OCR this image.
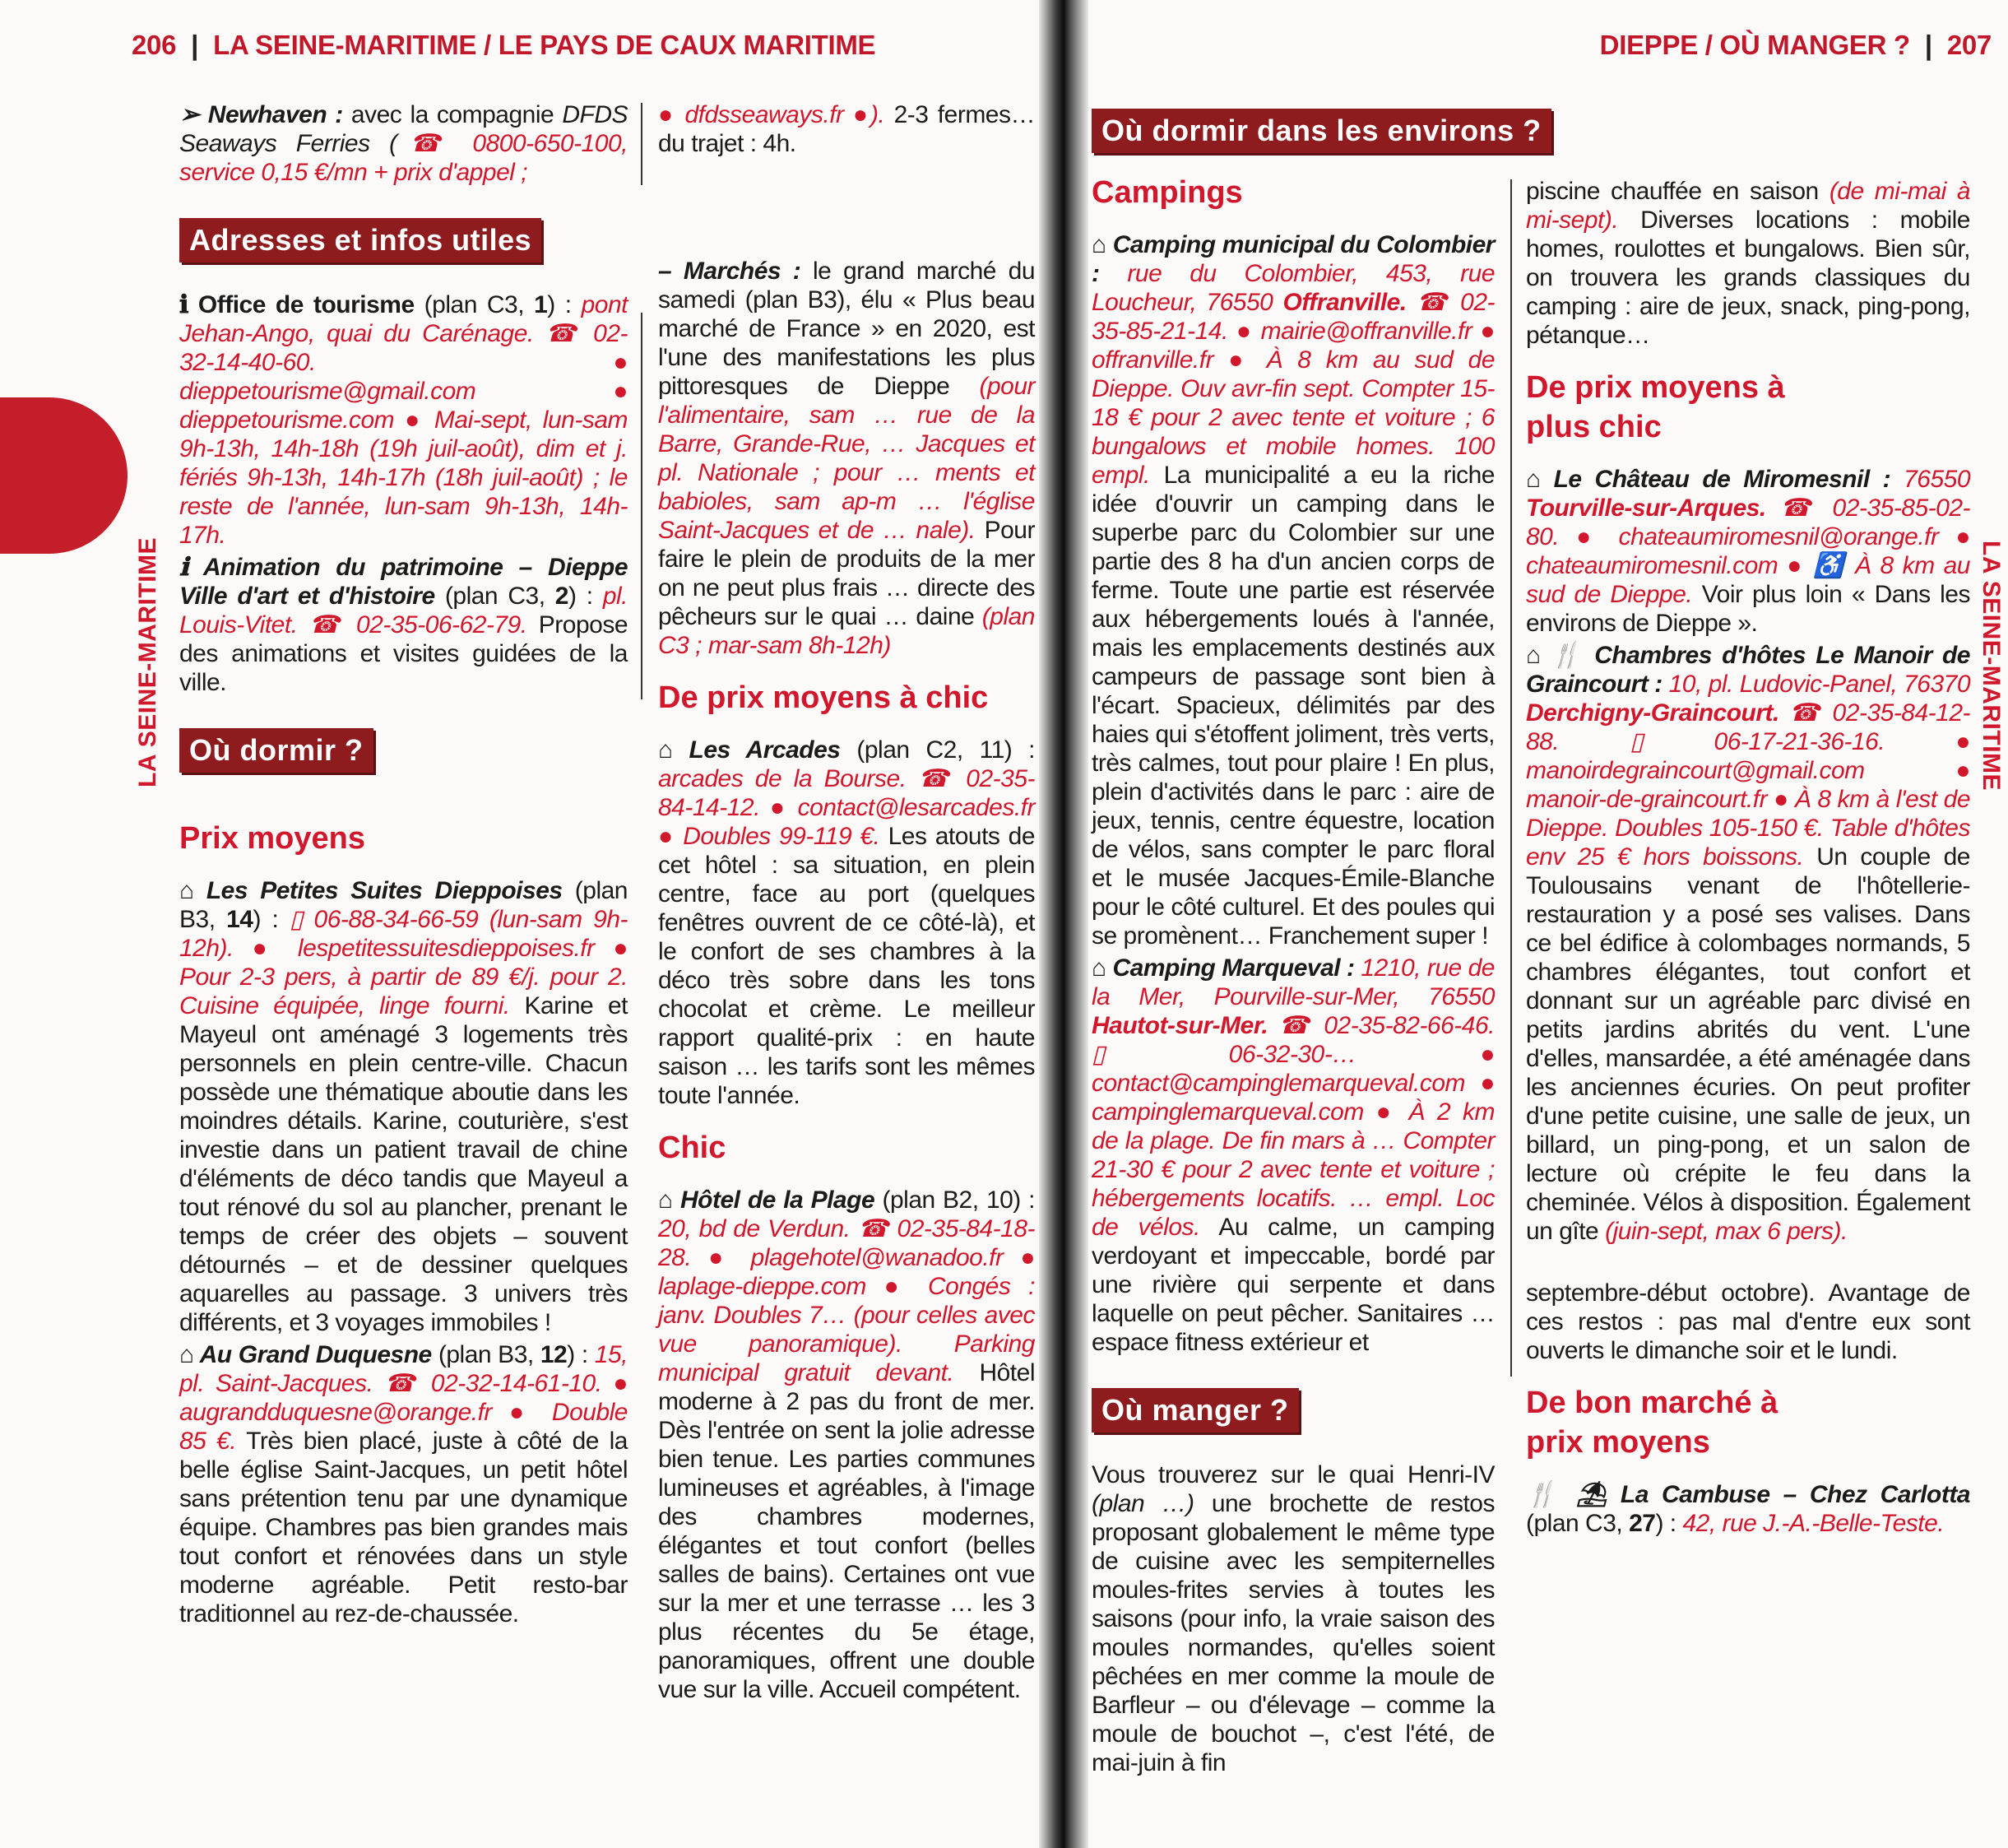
206 | LA SEINE-MARITIME / LE PAYS DE CAUX MARITIME	DIEPPE / OÙ MANGER ? | 207
LA SEINE-MARITIME	LA SEINE-MARITIME
➢ Newhaven : avec la compagnie DFDS Seaways Ferries (☎ 0800-650-100, service 0,15 €/mn + prix d'appel ;
Adresses et infos utiles
ℹ Office de tourisme (plan C3, 1) : pont Jehan-Ango, quai du Carénage. ☎ 02-32-14-40-60. ● dieppetourisme@gmail.com ● dieppetourisme.com ● Mai-sept, lun-sam 9h-13h, 14h-18h (19h juil-août), dim et j. fériés 9h-13h, 14h-17h (18h juil-août) ; le reste de l'année, lun-sam 9h-13h, 14h-17h.
ℹ Animation du patrimoine – Dieppe Ville d'art et d'histoire (plan C3, 2) : pl. Louis-Vitet. ☎ 02-35-06-62-79. Propose des animations et visites guidées de la ville.
Où dormir ?
Prix moyens
⌂ Les Petites Suites Dieppoises (plan B3, 14) : ▯ 06-88-34-66-59 (lun-sam 9h-12h). ● lespetitessuitesdieppoises.fr ● Pour 2-3 pers, à partir de 89 €/j. pour 2. Cuisine équipée, linge fourni. Karine et Mayeul ont aménagé 3 logements très personnels en plein centre-ville. Chacun possède une thématique aboutie dans les moindres détails. Karine, couturière, s'est investie dans un patient travail de chine d'éléments de déco tandis que Mayeul a tout rénové du sol au plancher, prenant le temps de créer des objets – souvent détournés – et de dessiner quelques aquarelles au passage. 3 univers très différents, et 3 voyages immobiles !
⌂ Au Grand Duquesne (plan B3, 12) : 15, pl. Saint-Jacques. ☎ 02-32-14-61-10. ● augrandduquesne@orange.fr ● Double 85 €. Très bien placé, juste à côté de la belle église Saint-Jacques, un petit hôtel sans prétention tenu par une dynamique équipe. Chambres pas bien grandes mais tout confort et rénovées dans un style moderne agréable. Petit resto-bar traditionnel au rez-de-chaussée.
● dfdsseaways.fr ●). 2-3 fermes… du trajet : 4h.
– Marchés : le grand marché du samedi (plan B3), élu « Plus beau marché de France » en 2020, est l'une des manifestations les plus pittoresques de Dieppe (pour l'alimentaire, sam … rue de la Barre, Grande-Rue, … Jacques et pl. Nationale ; pour … ments et babioles, sam ap-m … l'église Saint-Jacques et de … nale). Pour faire le plein de produits de la mer on ne peut plus frais … directe des pêcheurs sur le quai … daine (plan C3 ; mar-sam 8h-12h)
De prix moyens à chic
⌂ Les Arcades (plan C2, 11) : arcades de la Bourse. ☎ 02-35-84-14-12. ● contact@lesarcades.fr ● Doubles 99-119 €. Les atouts de cet hôtel : sa situation, en plein centre, face au port (quelques fenêtres ouvrent de ce côté-là), et le confort de ses chambres à la déco très sobre dans les tons chocolat et crème. Le meilleur rapport qualité-prix : en haute saison … les tarifs sont les mêmes toute l'année.
Chic
⌂ Hôtel de la Plage (plan B2, 10) : 20, bd de Verdun. ☎ 02-35-84-18-28. ● plagehotel@wanadoo.fr ● laplage-dieppe.com ● Congés : janv. Doubles 7… (pour celles avec vue panoramique). Parking municipal gratuit devant. Hôtel moderne à 2 pas du front de mer. Dès l'entrée on sent la jolie adresse bien tenue. Les parties communes lumineuses et agréables, à l'image des chambres modernes, élégantes et tout confort (belles salles de bains). Certaines ont vue sur la mer et une terrasse … les 3 plus récentes du 5e étage, panoramiques, offrent une double vue sur la ville. Accueil compétent.
Où dormir dans les environs ?
Campings
⌂ Camping municipal du Colombier : rue du Colombier, 453, rue Loucheur, 76550 Offranville. ☎ 02-35-85-21-14. ● mairie@offranville.fr ● offranville.fr ● À 8 km au sud de Dieppe. Ouv avr-fin sept. Compter 15-18 € pour 2 avec tente et voiture ; 6 bungalows et mobile homes. 100 empl. La municipalité a eu la riche idée d'ouvrir un camping dans le superbe parc du Colombier sur une partie des 8 ha d'un ancien corps de ferme. Toute une partie est réservée aux hébergements loués à l'année, mais les emplacements destinés aux campeurs de passage sont bien à l'écart. Spacieux, délimités par des haies qui s'étoffent joliment, très verts, très calmes, tout pour plaire ! En plus, plein d'activités dans le parc : aire de jeux, tennis, centre équestre, location de vélos, sans compter le parc floral et le musée Jacques-Émile-Blanche pour le côté culturel. Et des poules qui se promènent… Franchement super !
⌂ Camping Marqueval : 1210, rue de la Mer, Pourville-sur-Mer, 76550 Hautot-sur-Mer. ☎ 02-35-82-66-46. ▯ 06-32-30-… ● contact@campinglemarqueval.com ● campinglemarqueval.com ● À 2 km de la plage. De fin mars à … Compter 21-30 € pour 2 avec tente et voiture ; hébergements locatifs. … empl. Loc de vélos. Au calme, un camping verdoyant et impeccable, bordé par une rivière qui serpente et dans laquelle on peut pêcher. Sanitaires … espace fitness extérieur et
Où manger ?
Vous trouverez sur le quai Henri-IV (plan …) une brochette de restos proposant globalement le même type de cuisine avec les sempiternelles moules-frites servies à toutes les saisons (pour info, la vraie saison des moules normandes, qu'elles soient pêchées en mer comme la moule de Barfleur – ou d'élevage – comme la moule de bouchot –, c'est l'été, de mai-juin à fin
piscine chauffée en saison (de mi-mai à mi-sept). Diverses locations : mobile homes, roulottes et bungalows. Bien sûr, on trouvera les grands classiques du camping : aire de jeux, snack, ping-pong, pétanque…
De prix moyens à plus chic
⌂ Le Château de Miromesnil : 76550 Tourville-sur-Arques. ☎ 02-35-85-02-80. ● chateaumiromesnil@orange.fr ● chateaumiromesnil.com ● ♿ À 8 km au sud de Dieppe. Voir plus loin « Dans les environs de Dieppe ».
⌂ 🍴 Chambres d'hôtes Le Manoir de Graincourt : 10, pl. Ludovic-Panel, 76370 Derchigny-Graincourt. ☎ 02-35-84-12-88. ▯ 06-17-21-36-16. ● manoirdegraincourt@gmail.com ● manoir-de-graincourt.fr ● À 8 km à l'est de Dieppe. Doubles 105-150 €. Table d'hôtes env 25 € hors boissons. Un couple de Toulousains venant de l'hôtellerie-restauration y a posé ses valises. Dans ce bel édifice à colombages normands, 5 chambres élégantes, tout confort et donnant sur un agréable parc divisé en petits jardins abrités du vent. L'une d'elles, mansardée, a été aménagée dans les anciennes écuries. On peut profiter d'une petite cuisine, une salle de jeux, un billard, un ping-pong, et un salon de lecture où crépite le feu dans la cheminée. Vélos à disposition. Également un gîte (juin-sept, max 6 pers).
septembre-début octobre). Avantage de ces restos : pas mal d'entre eux sont ouverts le dimanche soir et le lundi.
De bon marché à prix moyens
🍴 ⛱ La Cambuse – Chez Carlotta (plan C3, 27) : 42, rue J.-A.-Belle-Teste.
